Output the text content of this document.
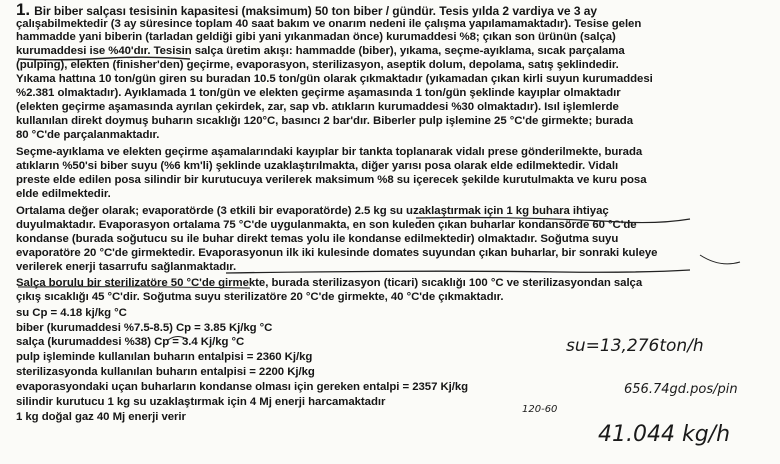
1. Bir biber salçası tesisinin kapasitesi (maksimum) 50 ton biber / gündür. Tesis yılda 2 vardiya ve 3 ay
çalışabilmektedir (3 ay süresince toplam 40 saat bakım ve onarım nedeni ile çalışma yapılamamaktadır). Tesise gelen
hammadde yani biberin (tarladan geldiği gibi yani yıkanmadan önce) kurumaddesi %8; çıkan son ürünün (salça)
kurumaddesi ise %40'dır. Tesisin salça üretim akışı: hammadde (biber), yıkama, seçme-ayıklama, sıcak parçalama
(pulping), elekten (finisher'den) geçirme, evaporasyon, sterilizasyon, aseptik dolum, depolama, satış şeklindedir.
Yıkama hattına 10 ton/gün giren su buradan 10.5 ton/gün olarak çıkmaktadır (yıkamadan çıkan kirli suyun kurumaddesi
%2.381 olmaktadır). Ayıklamada 1 ton/gün ve elekten geçirme aşamasında 1 ton/gün şeklinde kayıplar olmaktadır
(elekten geçirme aşamasında ayrılan çekirdek, zar, sap vb. atıkların kurumaddesi %30 olmaktadır). Isıl işlemlerde
kullanılan direkt doymuş buharın sıcaklığı 120°C, basıncı 2 bar'dır. Biberler pulp işlemine 25 °C'de girmekte; burada
80 °C'de parçalanmaktadır.
Seçme-ayıklama ve elekten geçirme aşamalarındaki kayıplar bir tankta toplanarak vidalı prese gönderilmekte, burada
atıkların %50'si biber suyu (%6 km'li) şeklinde uzaklaştırılmakta, diğer yarısı posa olarak elde edilmektedir. Vidalı
preste elde edilen posa silindir bir kurutucuya verilerek maksimum %8 su içerecek şekilde kurutulmakta ve kuru posa
elde edilmektedir.
Ortalama değer olarak; evaporatörde (3 etkili bir evaporatörde) 2.5 kg su uzaklaştırmak için 1 kg buhara ihtiyaç
duyulmaktadır. Evaporasyon ortalama 75 °C'de uygulanmakta, en son kuleden çıkan buharlar kondansörde 60 °C'de
kondanse (burada soğutucu su ile buhar direkt temas yolu ile kondanse edilmektedir) olmaktadır. Soğutma suyu
evaporatöre 20 °C'de girmektedir. Evaporasyonun ilk iki kulesinde domates suyundan çıkan buharlar, bir sonraki kuleye
verilerek enerji tasarrufu sağlanmaktadır.
Salça borulu bir sterilizatöre 50 °C'de girmekte, burada sterilizasyon (ticari) sıcaklığı 100 °C ve sterilizasyondan salça
çıkış sıcaklığı 45 °C'dir. Soğutma suyu sterilizatöre 20 °C'de girmekte, 40 °C'de çıkmaktadır.
su Cp = 4.18 kj/kg °C
biber (kurumaddesi %7.5-8.5) Cp = 3.85 Kj/kg °C
salça (kurumaddesi %38) Cp = 3.4 Kj/kg °C
pulp işleminde kullanılan buharın entalpisi = 2360 Kj/kg
sterilizasyonda kullanılan buharın entalpisi = 2200 Kj/kg
evaporasyondaki uçan buharların kondanse olması için gereken entalpi = 2357 Kj/kg
silindir kurutucu 1 kg su uzaklaştırmak için 4 Mj enerji harcamaktadır
1 kg doğal gaz 40 Mj enerji verir
su=13,276ton/h
656.74gd.pos/pin
120-60
41.044 kg/h
